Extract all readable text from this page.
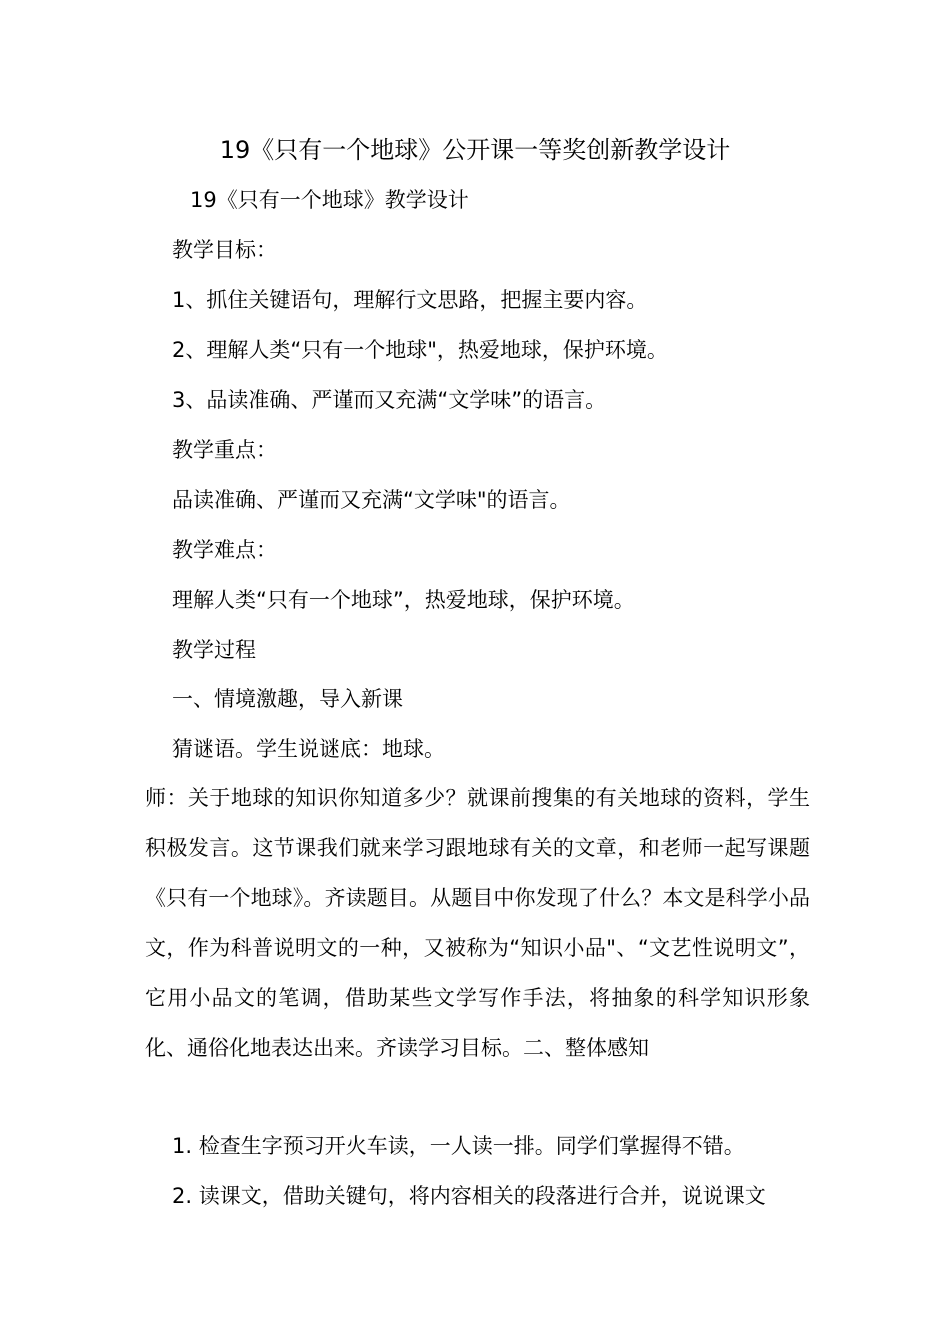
19《只有一个地球》公开课一等奖创新教学设计
19《只有一个地球》教学设计
教学目标：
1、抓住关键语句，理解行文思路，把握主要内容。
2、理解人类“只有一个地球"，热爱地球，保护环境。
3、品读准确、严谨而又充满“文学味”的语言。
教学重点：
品读准确、严谨而又充满“文学味"的语言。
教学难点：
理解人类“只有一个地球”，热爱地球，保护环境。
教学过程
一、情境激趣，导入新课
猜谜语。学生说谜底：地球。
师：关于地球的知识你知道多少？就课前搜集的有关地球的资料，学生积极发言。这节课我们就来学习跟地球有关的文章，和老师一起写课题《只有一个地球》。齐读题目。从题目中你发现了什么？本文是科学小品文，作为科普说明文的一种，又被称为“知识小品"、“文艺性说明文”，它用小品文的笔调，借助某些文学写作手法，将抽象的科学知识形象化、通俗化地表达出来。齐读学习目标。二、整体感知
1. 检查生字预习开火车读，一人读一排。同学们掌握得不错。
2. 读课文，借助关键句，将内容相关的段落进行合并，说说课文
